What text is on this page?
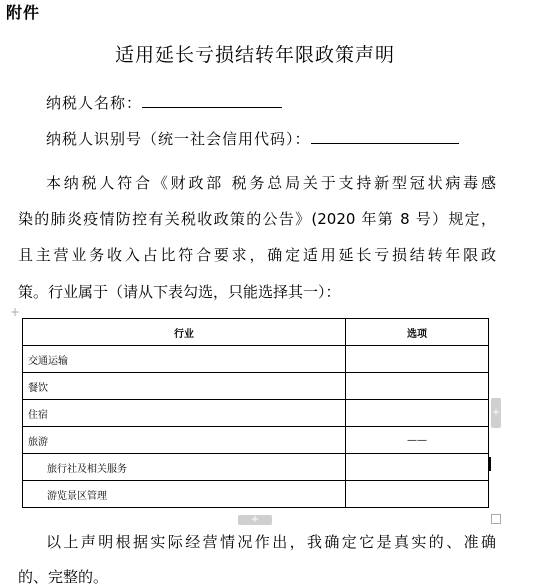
附件
适用延长亏损结转年限政策声明
纳税人名称：
纳税人识别号（统一社会信用代码）：
本纳税人符合《财政部 税务总局关于支持新型冠状病毒感
染的肺炎疫情防控有关税收政策的公告》(2020 年第 8 号）规定，
且主营业务收入占比符合要求，确定适用延长亏损结转年限政
策。行业属于（请从下表勾选，只能选择其一）：
+
行业	选项
交通运输	
餐饮	
住宿	
旅游	——
旅行社及相关服务	
游览景区管理	
+
+
以上声明根据实际经营情况作出，我确定它是真实的、准确
的、完整的。
